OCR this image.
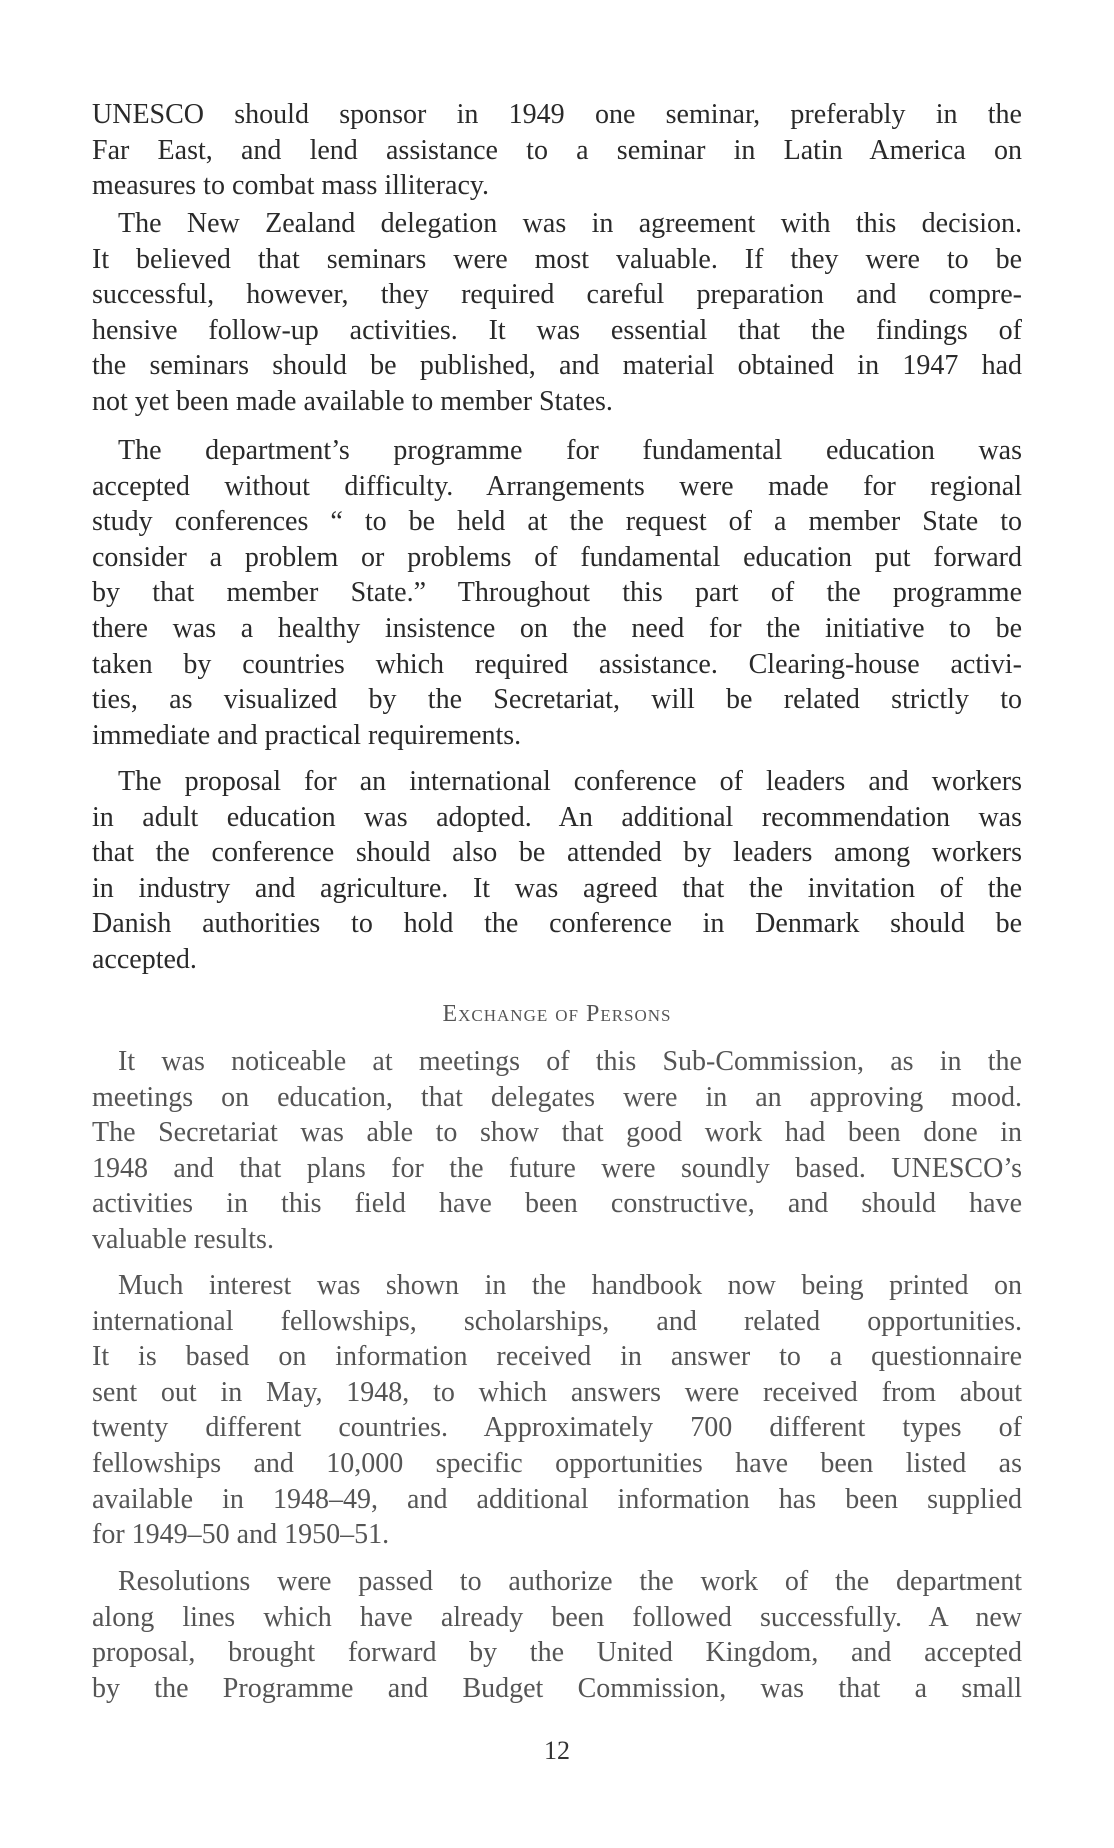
UNESCO should sponsor in 1949 one seminar, preferably in the
Far East, and lend assistance to a seminar in Latin America on
measures to combat mass illiteracy.
The New Zealand delegation was in agreement with this decision.
It believed that seminars were most valuable. If they were to be
successful, however, they required careful preparation and compre-
hensive follow-up activities. It was essential that the findings of
the seminars should be published, and material obtained in 1947 had
not yet been made available to member States.
The department’s programme for fundamental education was
accepted without difficulty. Arrangements were made for regional
study conferences “ to be held at the request of a member State to
consider a problem or problems of fundamental education put forward
by that member State.” Throughout this part of the programme
there was a healthy insistence on the need for the initiative to be
taken by countries which required assistance. Clearing-house activi-
ties, as visualized by the Secretariat, will be related strictly to
immediate and practical requirements.
The proposal for an international conference of leaders and workers
in adult education was adopted. An additional recommendation was
that the conference should also be attended by leaders among workers
in industry and agriculture. It was agreed that the invitation of the
Danish authorities to hold the conference in Denmark should be
accepted.
Exchange of Persons
It was noticeable at meetings of this Sub-Commission, as in the
meetings on education, that delegates were in an approving mood.
The Secretariat was able to show that good work had been done in
1948 and that plans for the future were soundly based. UNESCO’s
activities in this field have been constructive, and should have
valuable results.
Much interest was shown in the handbook now being printed on
international fellowships, scholarships, and related opportunities.
It is based on information received in answer to a questionnaire
sent out in May, 1948, to which answers were received from about
twenty different countries. Approximately 700 different types of
fellowships and 10,000 specific opportunities have been listed as
available in 1948–49, and additional information has been supplied
for 1949–50 and 1950–51.
Resolutions were passed to authorize the work of the department
along lines which have already been followed successfully. A new
proposal, brought forward by the United Kingdom, and accepted
by the Programme and Budget Commission, was that a small
12
